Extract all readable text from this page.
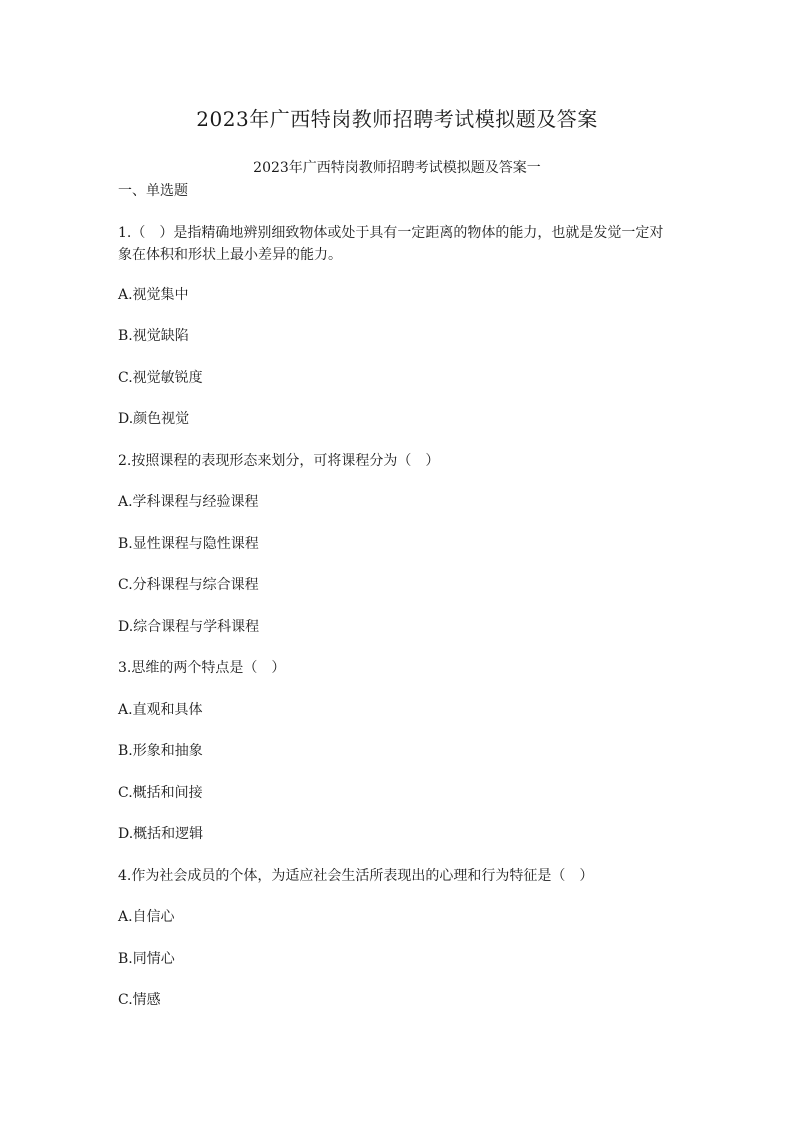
2023年广西特岗教师招聘考试模拟题及答案
2023年广西特岗教师招聘考试模拟题及答案一
一、单选题
1.（　）是指精确地辨别细致物体或处于具有一定距离的物体的能力，也就是发觉一定对
象在体积和形状上最小差异的能力。
A.视觉集中
B.视觉缺陷
C.视觉敏锐度
D.颜色视觉
2.按照课程的表现形态来划分，可将课程分为（　）
A.学科课程与经验课程
B.显性课程与隐性课程
C.分科课程与综合课程
D.综合课程与学科课程
3.思维的两个特点是（　）
A.直观和具体
B.形象和抽象
C.概括和间接
D.概括和逻辑
4.作为社会成员的个体，为适应社会生活所表现出的心理和行为特征是（　）
A.自信心
B.同情心
C.情感
